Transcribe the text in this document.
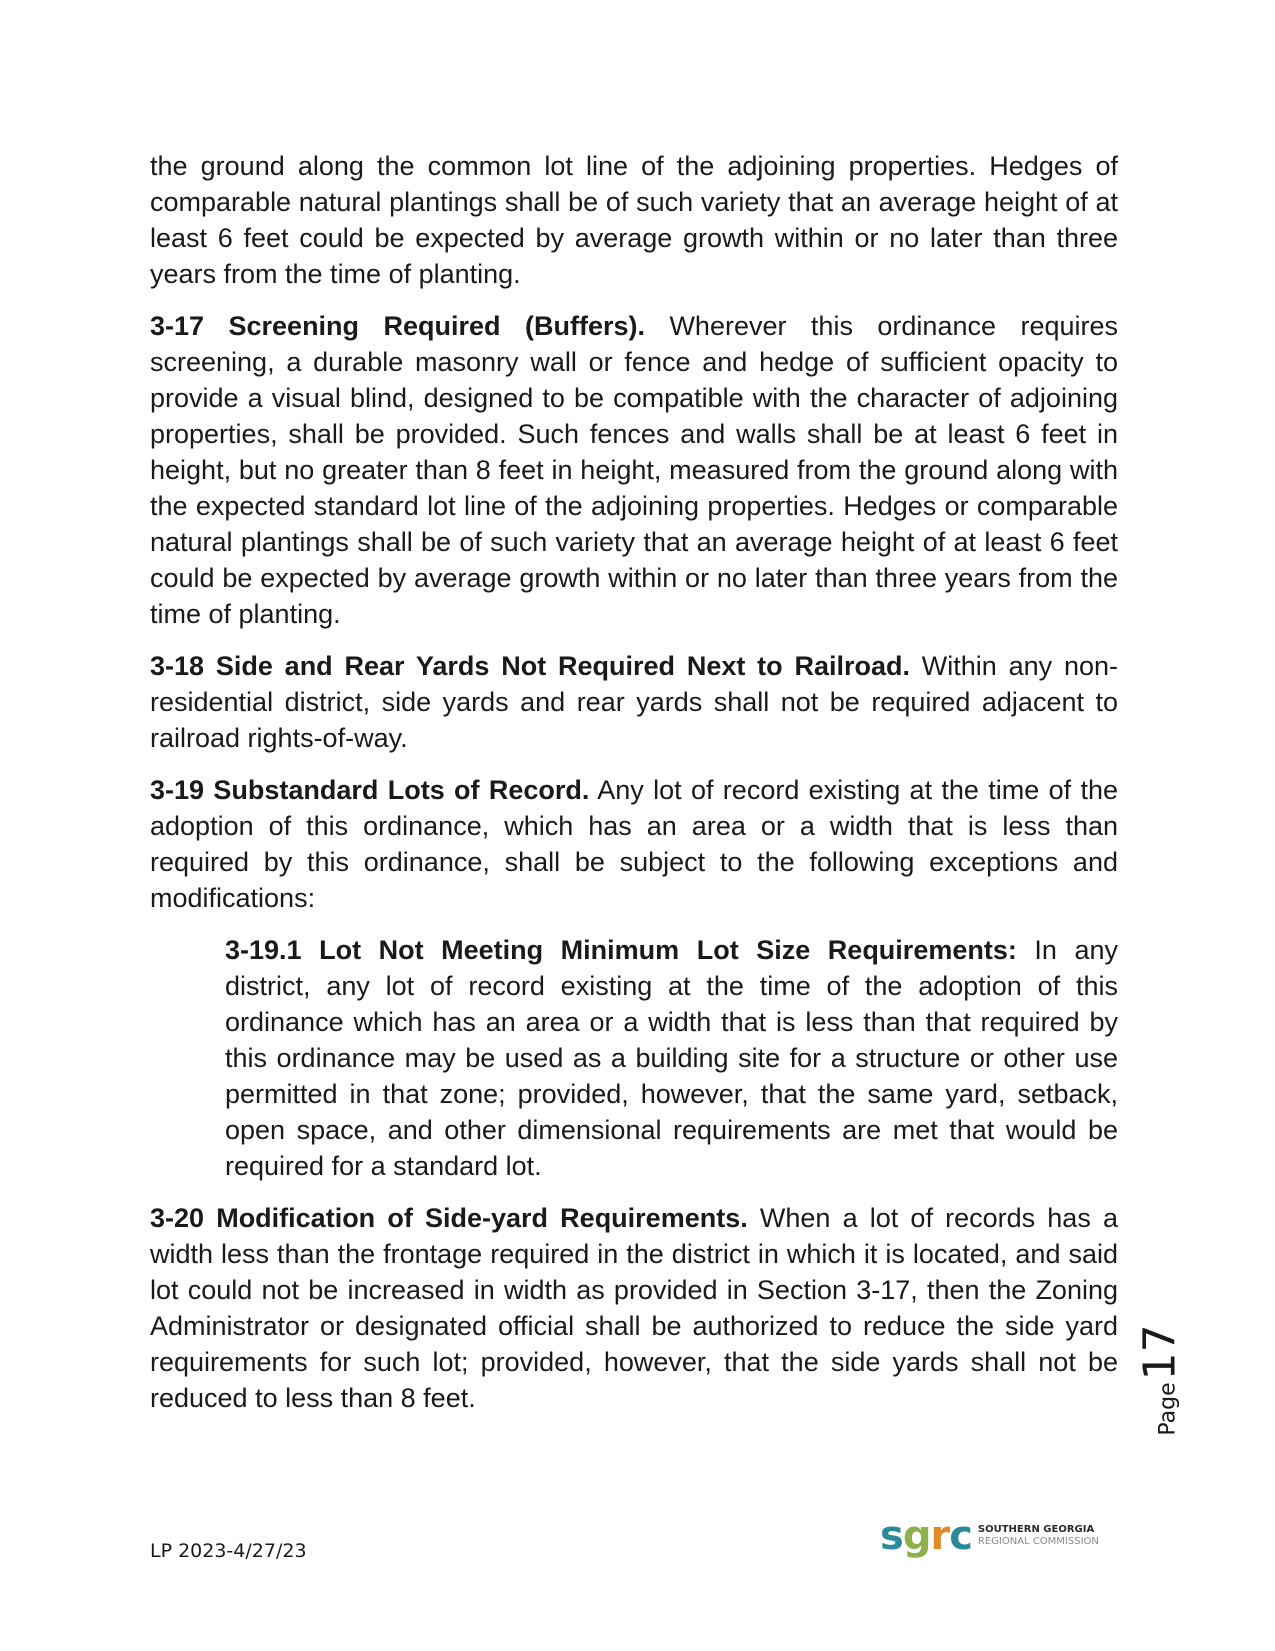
the ground along the common lot line of the adjoining properties. Hedges of comparable natural plantings shall be of such variety that an average height of at least 6 feet could be expected by average growth within or no later than three years from the time of planting.

3-17 Screening Required (Buffers). Wherever this ordinance requires screening, a durable masonry wall or fence and hedge of sufficient opacity to provide a visual blind, designed to be compatible with the character of adjoining properties, shall be provided. Such fences and walls shall be at least 6 feet in height, but no greater than 8 feet in height, measured from the ground along with the expected standard lot line of the adjoining properties. Hedges or comparable natural plantings shall be of such variety that an average height of at least 6 feet could be expected by average growth within or no later than three years from the time of planting.

3-18 Side and Rear Yards Not Required Next to Railroad. Within any non-residential district, side yards and rear yards shall not be required adjacent to railroad rights-of-way.

3-19 Substandard Lots of Record. Any lot of record existing at the time of the adoption of this ordinance, which has an area or a width that is less than required by this ordinance, shall be subject to the following exceptions and modifications:

3-19.1 Lot Not Meeting Minimum Lot Size Requirements: In any district, any lot of record existing at the time of the adoption of this ordinance which has an area or a width that is less than that required by this ordinance may be used as a building site for a structure or other use permitted in that zone; provided, however, that the same yard, setback, open space, and other dimensional requirements are met that would be required for a standard lot.

3-20 Modification of Side-yard Requirements. When a lot of records has a width less than the frontage required in the district in which it is located, and said lot could not be increased in width as provided in Section 3-17, then the Zoning Administrator or designated official shall be authorized to reduce the side yard requirements for such lot; provided, however, that the side yards shall not be reduced to less than 8 feet.	Page17
LP 2023-4/27/23	sgrc SOUTHERN GEORGIA
REGIONAL COMMISSION
